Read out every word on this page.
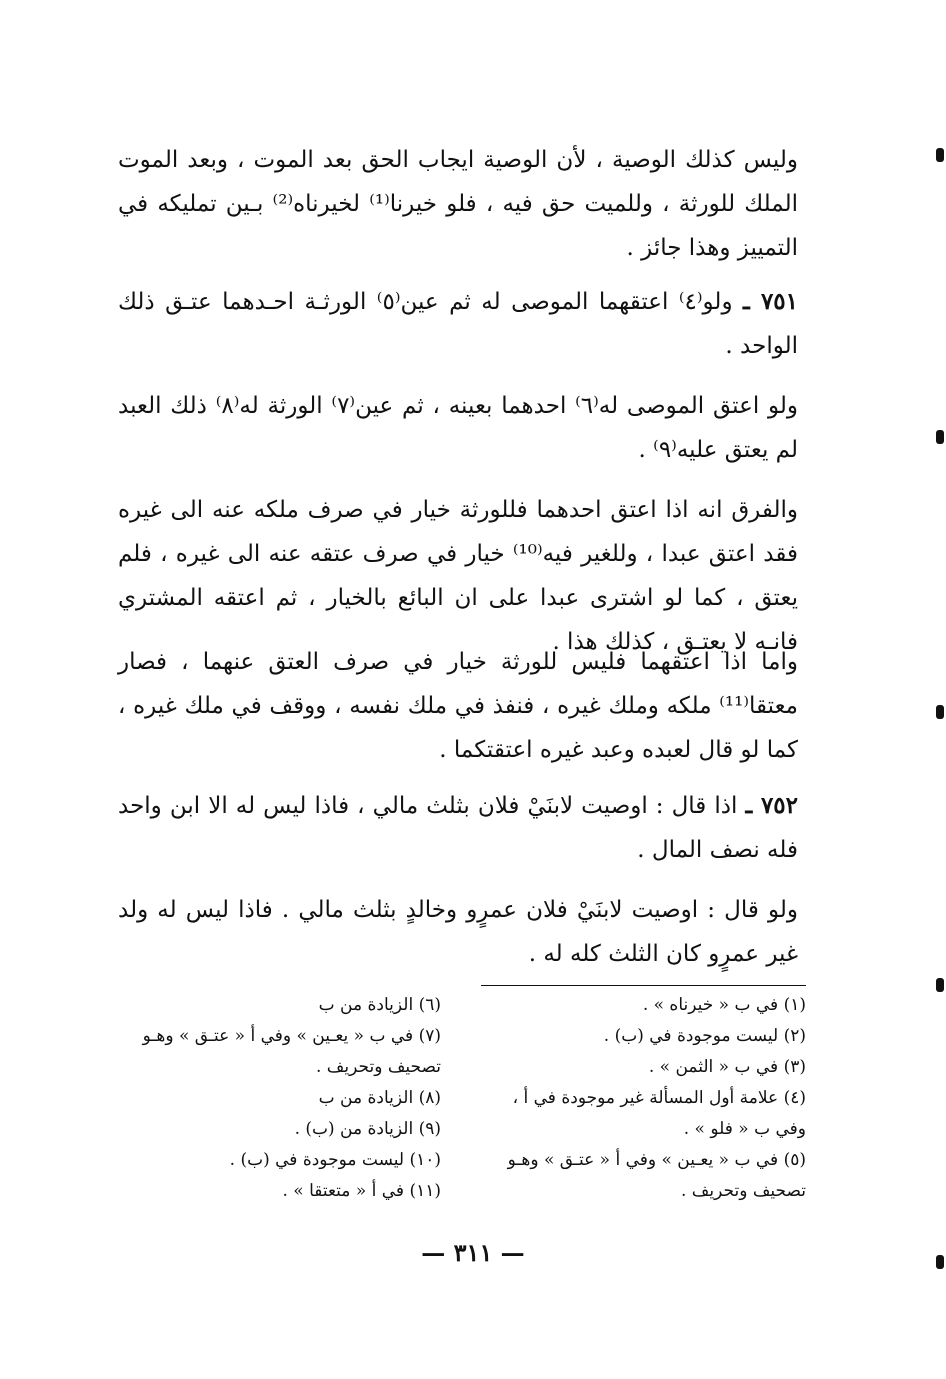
وليس كذلك الوصية ، لأن الوصية ايجاب الحق بعد الموت ، وبعد الموت الملك للورثة ، وللميت حق فيه ، فلو خيرنا⁽¹⁾ لخيرناه⁽²⁾ بـين تمليكه في التمييز وهذا جائز .
٧٥١ ـ ولو⁽٤⁾ اعتقهما الموصى له ثم عين⁽٥⁾ الورثـة احـدهما عتـق ذلك الواحد .
ولو اعتق الموصى له⁽٦⁾ احدهما بعينه ، ثم عين⁽٧⁾ الورثة له⁽٨⁾ ذلك العبد لم يعتق عليه⁽٩⁾ .
والفرق انه اذا اعتق احدهما فللورثة خيار في صرف ملكه عنه الى غيره فقد اعتق عبدا ، وللغير فيه⁽¹⁰⁾ خيار في صرف عتقه عنه الى غيره ، فلم يعتق ، كما لو اشترى عبدا على ان البائع بالخيار ، ثم اعتقه المشتري فانـه لا يعتـق ، كذلك هذا .
واما اذا اعتقهما فليس للورثة خيار في صرف العتق عنهما ، فصار معتقا⁽¹¹⁾ ملكه وملك غيره ، فنفذ في ملك نفسه ، ووقف في ملك غيره ، كما لو قال لعبده وعبد غيره اعتقتكما .
٧٥٢ ـ اذا قال : اوصيت لابنَيْ فلان بثلث مالي ، فاذا ليس له الا ابن واحد فله نصف المال .
ولو قال : اوصيت لابنَيْ فلان عمرٍو وخالدٍ بثلث مالي . فاذا ليس له ولد غير عمرٍو كان الثلث كله له .
(١) في ب « خيرناه » .
(٢) ليست موجودة في (ب) .
(٣) في ب « الثمن » .
(٤) علامة أول المسألة غير موجودة في أ ، وفي ب « فلو » .
(٥) في ب « يعـين » وفي أ « عتـق » وهـو تصحيف وتحريف .
(٦) الزيادة من ب
(٧) في ب « يعـين » وفي أ « عتـق » وهـو تصحيف وتحريف .
(٨) الزيادة من ب
(٩) الزيادة من (ب) .
(١٠) ليست موجودة في (ب) .
(١١) في أ « متعتقا » .
— ٣١١ —
